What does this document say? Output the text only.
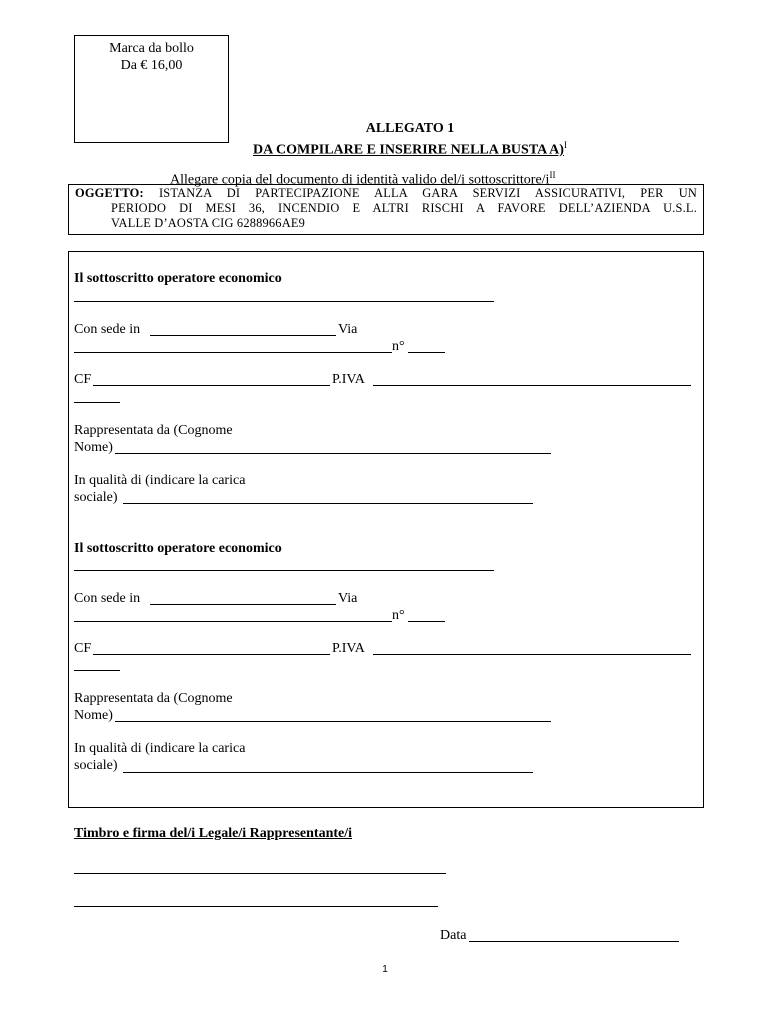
Marca da bollo
Da € 16,00
ALLEGATO 1
DA COMPILARE E INSERIRE NELLA BUSTA A)$^I$
Allegare copia del documento di identità valido del/i sottoscrittore/$i^{II}$
OGGETTO: ISTANZA DI PARTECIPAZIONE ALLA GARA SERVIZI ASSICURATIVI, PER UN
PERIODO DI MESI 36, INCENDIO E ALTRI RISCHI A FAVORE DELL’AZIENDA U.S.L.
VALLE D’AOSTA CIG 6288966AE9
Il sottoscritto operatore economico
Con sede in	Via
n°
CF	P.IVA
Rappresentata da (Cognome
Nome)
In qualità di (indicare la carica
sociale)
Il sottoscritto operatore economico
Con sede in	Via
n°
CF	P.IVA
Rappresentata da (Cognome
Nome)
In qualità di (indicare la carica
sociale)
Timbro e firma del/i Legale/i Rappresentante/i
Data
1
